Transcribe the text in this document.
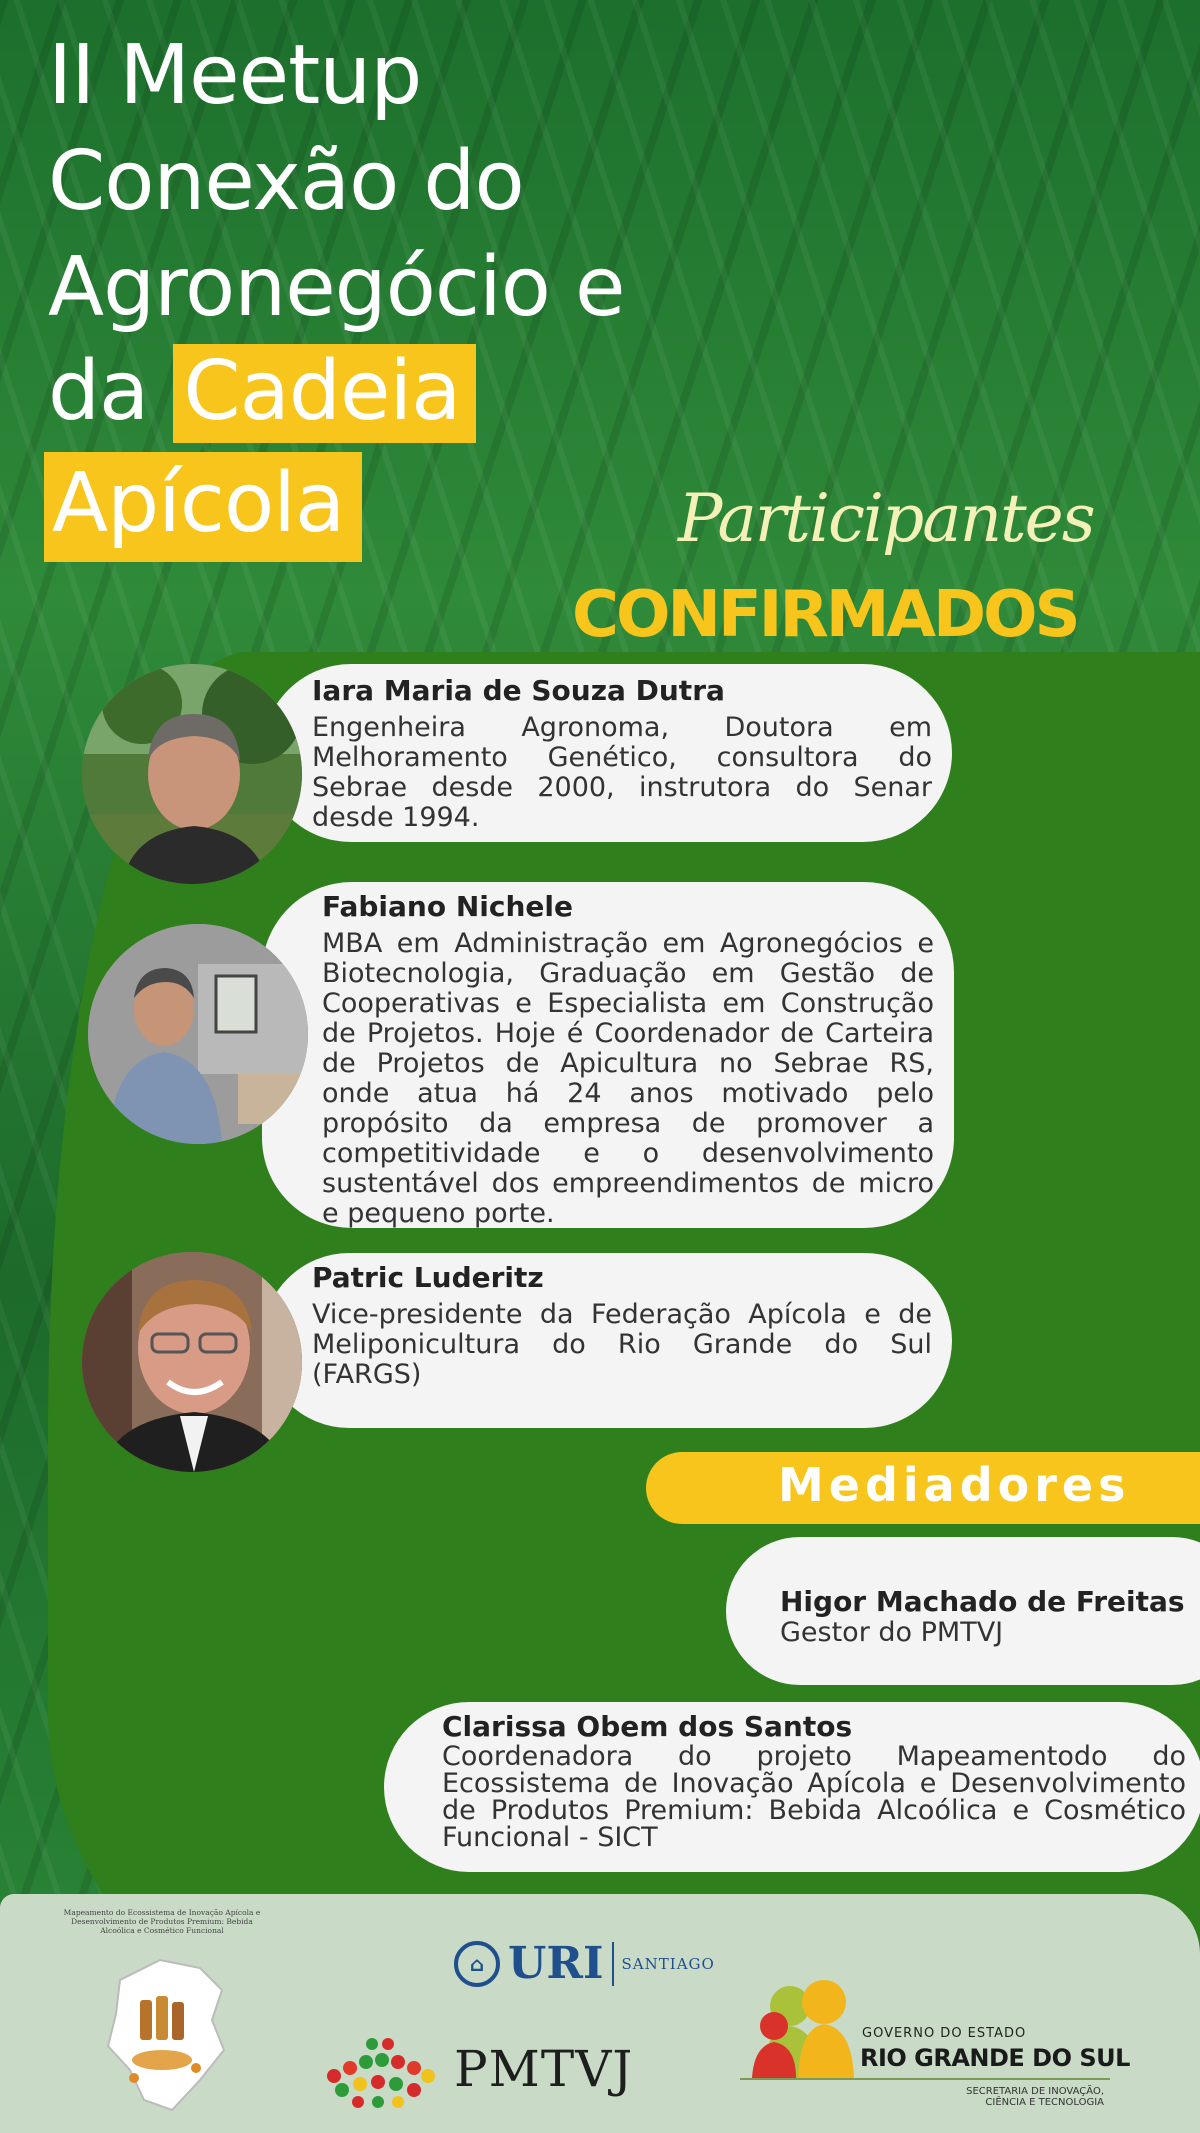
II Meetup
Conexão do
Agronegócio e
da Cadeia
Apícola	Participantes
CONFIRMADOS
Iara Maria de Souza Dutra
Engenheira Agronoma, Doutora em Melhoramento Genético, consultora do Sebrae desde 2000, instrutora do Senar desde 1994.
Fabiano Nichele
MBA em Administração em Agronegócios e Biotecnologia, Graduação em Gestão de Cooperativas e Especialista em Construção de Projetos. Hoje é Coordenador de Carteira de Projetos de Apicultura no Sebrae RS, onde atua há 24 anos motivado pelo propósito da empresa de promover a competitividade e o desenvolvimento sustentável dos empreendimentos de micro e pequeno porte.
Patric Luderitz
Vice-presidente da Federação Apícola e de Meliponicultura do Rio Grande do Sul (FARGS)
Mediadores
Higor Machado de Freitas
Gestor do PMTVJ
Clarissa Obem dos Santos
Coordenadora do projeto Mapeamentodo do Ecossistema de Inovação Apícola e Desenvolvimento de Produtos Premium: Bebida Alcoólica e Cosmético Funcional - SICT
Mapeamento do Ecossistema de Inovação Apícola e Desenvolvimento de Produtos Premium: Bebida Alcoólica e Cosmético Funcional
⌂ URI SANTIAGO
PMTVJ
GOVERNO DO ESTADO
RIO GRANDE DO SUL
SECRETARIA DE INOVAÇÃO, CIÊNCIA E TECNOLOGIA
